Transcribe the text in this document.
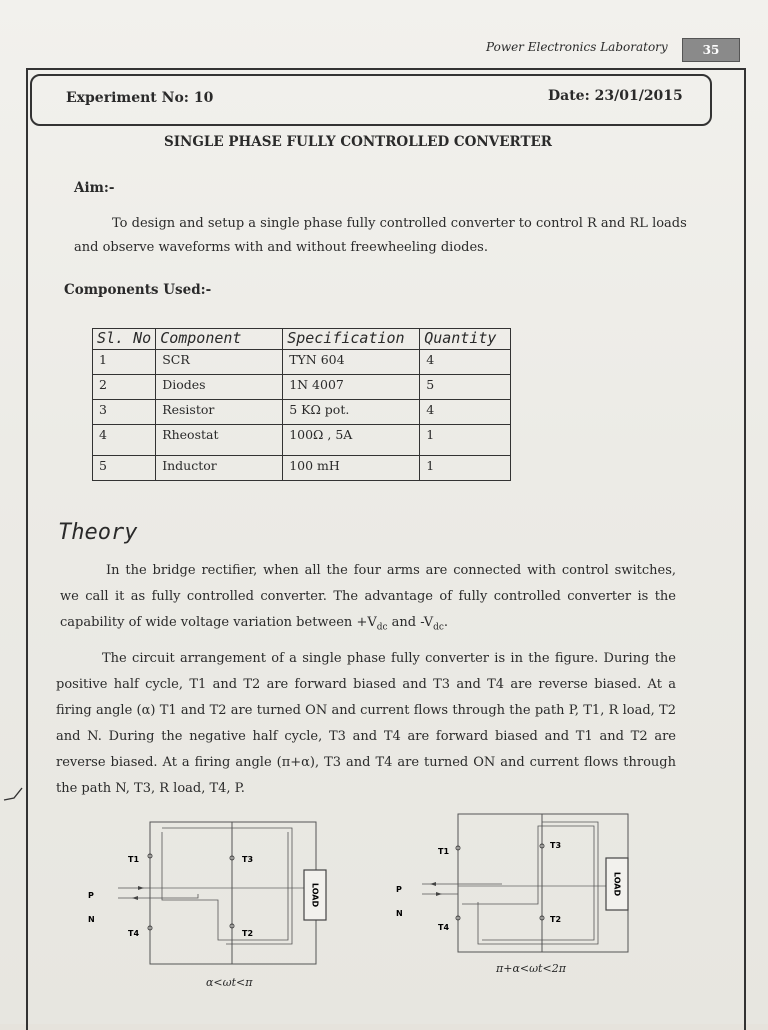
Power Electronics Laboratory	35
Experiment No: 10	Date: 23/01/2015
SINGLE PHASE FULLY CONTROLLED CONVERTER
Aim:-
To design and setup a single phase fully controlled converter to control R and RL loads and observe waveforms with and without freewheeling diodes.
Components Used:-
Sl. No	Component	Specification	Quantity
1	SCR	TYN 604	4
2	Diodes	1N 4007	5
3	Resistor	5 KΩ pot.	4
4	Rheostat	100Ω , 5A	1
5	Inductor	100 mH	1
Theory
In the bridge rectifier, when all the four arms are connected with control switches, we call it as fully controlled converter. The advantage of fully controlled converter is the capability of wide voltage variation between $+V_{dc}$ and $-V_{dc}$.
The circuit arrangement of a single phase fully converter is in the figure. During the positive half cycle, T1 and T2 are forward biased and T3 and T4 are reverse biased. At a firing angle (α) T1 and T2 are turned ON and current flows through the path P, T1, R load, T2 and N. During the negative half cycle, T3 and T4 are forward biased and T1 and T2 are reverse biased. At a firing angle (π+α), T3 and T4 are turned ON and current flows through the path N, T3, R load, T4, P.
LOAD
T1	T3
T4	T2
P
N
α<ωt<π
LOAD
T1
T3
T4
T2
P
N
π+α<ωt<2π
